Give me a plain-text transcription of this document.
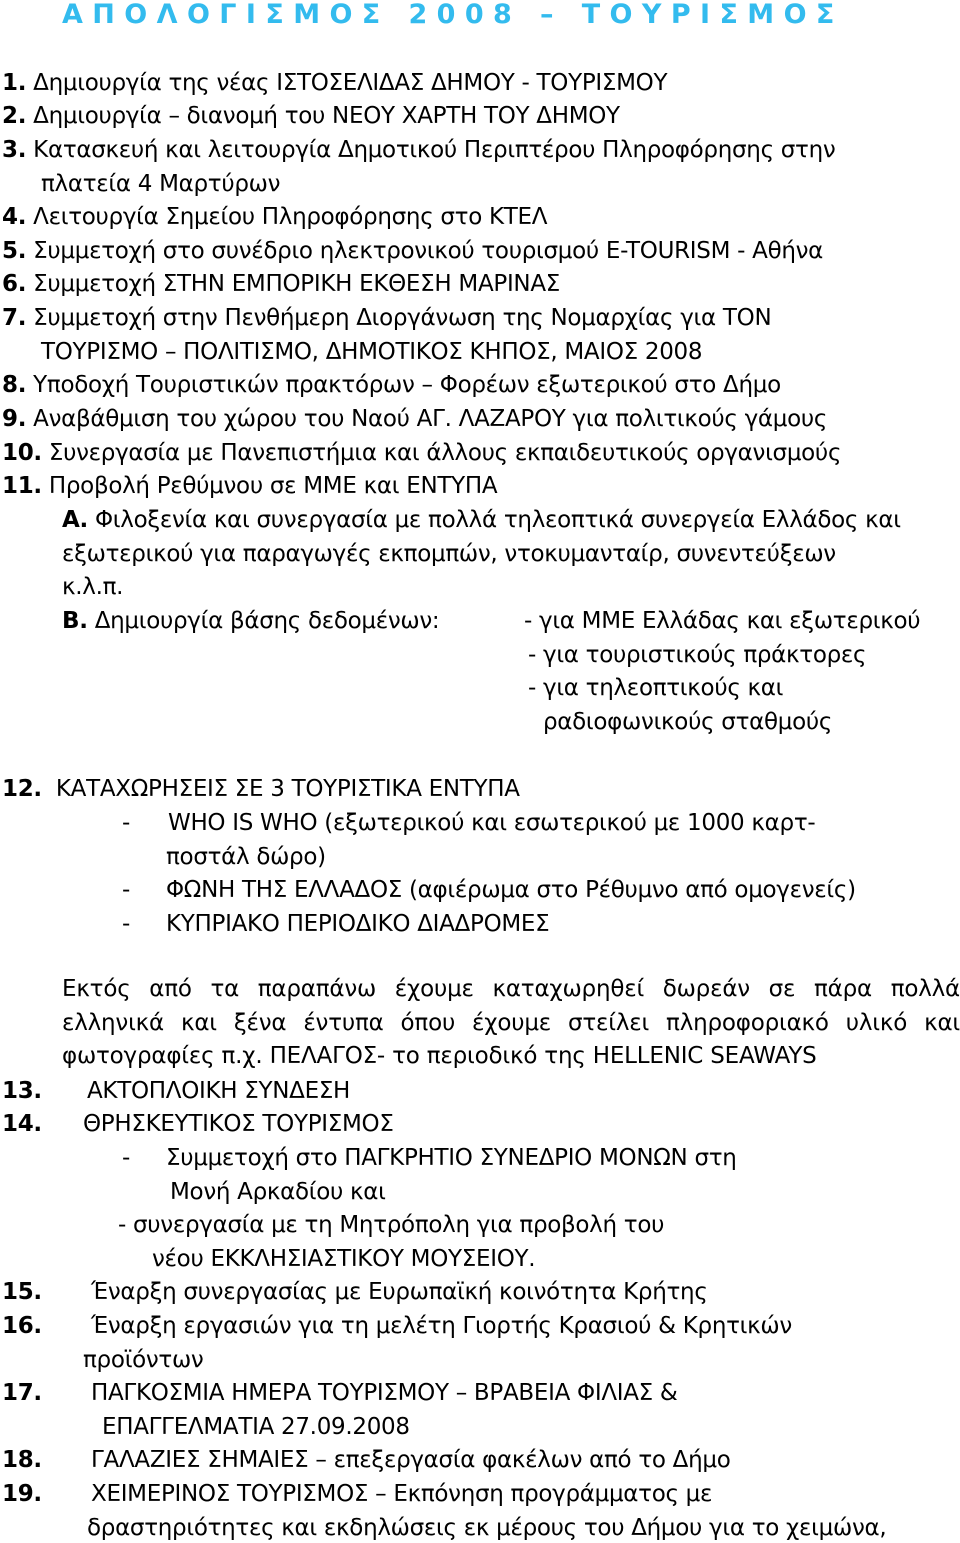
ΑΠΟΛΟΓΙΣΜΟΣ 2008 – ΤΟΥΡΙΣΜΟΣ
1. Δημιουργία της νέας ΙΣΤΟΣΕΛΙΔΑΣ ΔΗΜΟΥ - ΤΟΥΡΙΣΜΟΥ
2. Δημιουργία – διανομή του ΝΕΟΥ ΧΑΡΤΗ ΤΟΥ ΔΗΜΟΥ
3. Κατασκευή και λειτουργία Δημοτικού Περιπτέρου Πληροφόρησης στην
πλατεία 4 Μαρτύρων
4. Λειτουργία Σημείου Πληροφόρησης στο ΚΤΕΛ
5. Συμμετοχή στο συνέδριο ηλεκτρονικού τουρισμού E-TOURISM - Αθήνα
6. Συμμετοχή ΣΤΗΝ ΕΜΠΟΡΙΚΗ ΕΚΘΕΣΗ ΜΑΡΙΝΑΣ
7. Συμμετοχή στην Πενθήμερη Διοργάνωση της Νομαρχίας για ΤΟΝ
ΤΟΥΡΙΣΜΟ – ΠΟΛΙΤΙΣΜΟ, ΔΗΜΟΤΙΚΟΣ ΚΗΠΟΣ, ΜΑΙΟΣ 2008
8. Υποδοχή Τουριστικών πρακτόρων – Φορέων εξωτερικού στο Δήμο
9. Αναβάθμιση του χώρου του Ναού ΑΓ. ΛΑΖΑΡΟΥ για πολιτικούς γάμους
10. Συνεργασία με Πανεπιστήμια και άλλους εκπαιδευτικούς οργανισμούς
11. Προβολή Ρεθύμνου σε ΜΜΕ και ΕΝΤΥΠΑ
Α. Φιλοξενία και συνεργασία με πολλά τηλεοπτικά συνεργεία Ελλάδος και
εξωτερικού για παραγωγές εκπομπών, ντοκυμανταίρ, συνεντεύξεων
κ.λ.π.
Β. Δημιουργία βάσης δεδομένων:	- για ΜΜΕ Ελλάδας και εξωτερικού
- για τουριστικούς πράκτορες
- για τηλεοπτικούς και
ραδιοφωνικούς σταθμούς
12. ΚΑΤΑΧΩΡΗΣΕΙΣ ΣΕ 3 ΤΟΥΡΙΣΤΙΚΑ ΕΝΤΥΠΑ
- WHO IS WHO (εξωτερικού και εσωτερικού με 1000 καρτ-
ποστάλ δώρο)
- ΦΩΝΗ ΤΗΣ ΕΛΛΑΔΟΣ (αφιέρωμα στο Ρέθυμνο από ομογενείς)
- ΚΥΠΡΙΑΚΟ ΠΕΡΙΟΔΙΚΟ ΔΙΑΔΡΟΜΕΣ
Εκτός από τα παραπάνω έχουμε καταχωρηθεί δωρεάν σε πάρα πολλά
ελληνικά και ξένα έντυπα όπου έχουμε στείλει πληροφοριακό υλικό και
φωτογραφίες π.χ. ΠΕΛΑΓΟΣ- το περιοδικό της HELLENIC SEAWAYS
13. ΑΚΤΟΠΛΟΙΚΗ ΣΥΝΔΕΣΗ
14. ΘΡΗΣΚΕΥΤΙΚΟΣ ΤΟΥΡΙΣΜΟΣ
- Συμμετοχή στο ΠΑΓΚΡΗΤΙΟ ΣΥΝΕΔΡΙΟ ΜΟΝΩΝ στη
Μονή Αρκαδίου και
- συνεργασία με τη Μητρόπολη για προβολή του
νέου ΕΚΚΛΗΣΙΑΣΤΙΚΟΥ ΜΟΥΣΕΙΟΥ.
15. Έναρξη συνεργασίας με Ευρωπαϊκή κοινότητα Κρήτης
16. Έναρξη εργασιών για τη μελέτη Γιορτής Κρασιού & Κρητικών
προϊόντων
17. ΠΑΓΚΟΣΜΙΑ ΗΜΕΡΑ ΤΟΥΡΙΣΜΟΥ – ΒΡΑΒΕΙΑ ΦΙΛΙΑΣ &
ΕΠΑΓΓΕΛΜΑΤΙΑ 27.09.2008
18. ΓΑΛΑΖΙΕΣ ΣΗΜΑΙΕΣ – επεξεργασία φακέλων από το Δήμο
19. ΧΕΙΜΕΡΙΝΟΣ ΤΟΥΡΙΣΜΟΣ – Εκπόνηση προγράμματος με
δραστηριότητες και εκδηλώσεις εκ μέρους του Δήμου για το χειμώνα,
